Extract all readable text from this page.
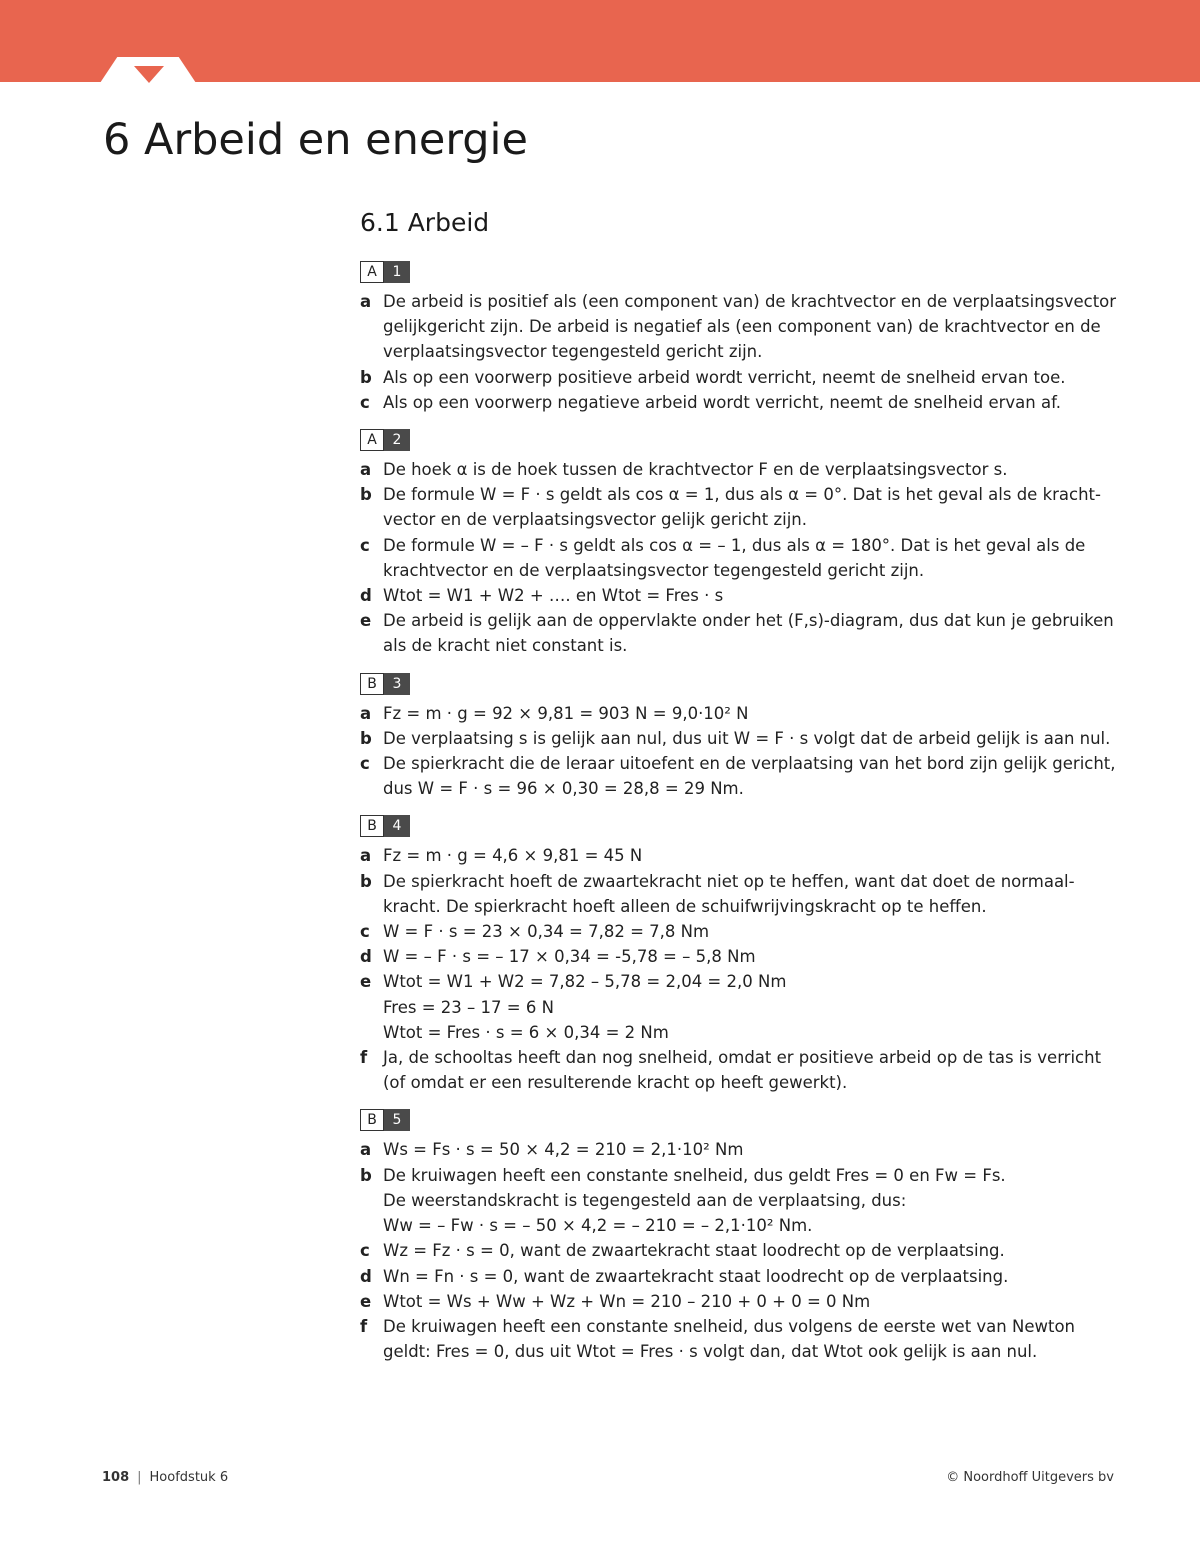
6 Arbeid en energie
6.1 Arbeid
A	1
a De arbeid is positief als (een component van) de krachtvector en de verplaatsingsvector
gelijkgericht zijn. De arbeid is negatief als (een component van) de krachtvector en de
verplaatsingsvector tegengesteld gericht zijn.
b Als op een voorwerp positieve arbeid wordt verricht, neemt de snelheid ervan toe.
c Als op een voorwerp negatieve arbeid wordt verricht, neemt de snelheid ervan af.
A	2
a De hoek α is de hoek tussen de krachtvector F en de verplaatsingsvector s.
b De formule W = F · s geldt als cos α = 1, dus als α = 0°. Dat is het geval als de kracht-
vector en de verplaatsingsvector gelijk gericht zijn.
c De formule W = – F · s geldt als cos α = – 1, dus als α = 180°. Dat is het geval als de
krachtvector en de verplaatsingsvector tegengesteld gericht zijn.
d Wtot = W1 + W2 + …. en Wtot = Fres · s
e De arbeid is gelijk aan de oppervlakte onder het (F,s)-diagram, dus dat kun je gebruiken
als de kracht niet constant is.
B	3
a Fz = m · g = 92 × 9,81 = 903 N = 9,0·10² N
b De verplaatsing s is gelijk aan nul, dus uit W = F · s volgt dat de arbeid gelijk is aan nul.
c De spierkracht die de leraar uitoefent en de verplaatsing van het bord zijn gelijk gericht,
dus W = F · s = 96 × 0,30 = 28,8 = 29 Nm.
B	4
a Fz = m · g = 4,6 × 9,81 = 45 N
b De spierkracht hoeft de zwaartekracht niet op te heffen, want dat doet de normaal-
kracht. De spierkracht hoeft alleen de schuifwrijvingskracht op te heffen.
c W = F · s = 23 × 0,34 = 7,82 = 7,8 Nm
d W = – F · s = – 17 × 0,34 = -5,78 = – 5,8 Nm
e Wtot = W1 + W2 = 7,82 – 5,78 = 2,04 = 2,0 Nm
Fres = 23 – 17 = 6 N
Wtot = Fres · s = 6 × 0,34 = 2 Nm
f Ja, de schooltas heeft dan nog snelheid, omdat er positieve arbeid op de tas is verricht
(of omdat er een resulterende kracht op heeft gewerkt).
B	5
a Ws = Fs · s = 50 × 4,2 = 210 = 2,1·10² Nm
b De kruiwagen heeft een constante snelheid, dus geldt Fres = 0 en Fw = Fs.
De weerstandskracht is tegengesteld aan de verplaatsing, dus:
Ww = – Fw · s = – 50 × 4,2 = – 210 = – 2,1·10² Nm.
c Wz = Fz · s = 0, want de zwaartekracht staat loodrecht op de verplaatsing.
d Wn = Fn · s = 0, want de zwaartekracht staat loodrecht op de verplaatsing.
e Wtot = Ws + Ww + Wz + Wn = 210 – 210 + 0 + 0 = 0 Nm
f De kruiwagen heeft een constante snelheid, dus volgens de eerste wet van Newton
geldt: Fres = 0, dus uit Wtot = Fres · s volgt dan, dat Wtot ook gelijk is aan nul.
108 | Hoofdstuk 6	© Noordhoff Uitgevers bv
